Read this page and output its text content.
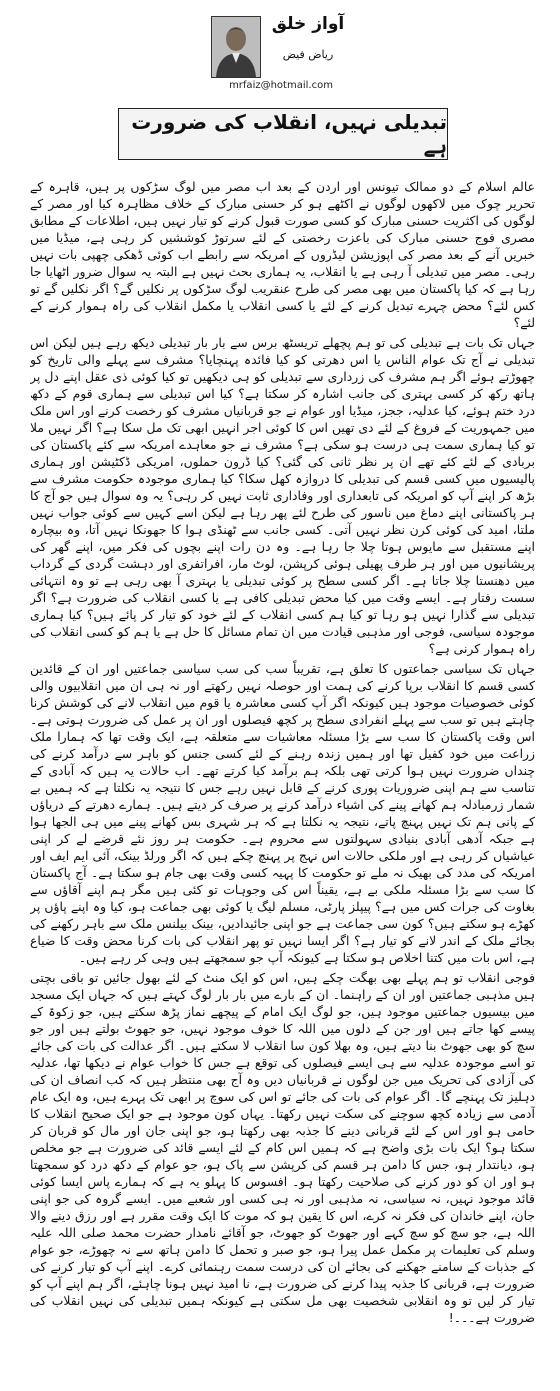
آواز خلق
ریاض فیض
mrfaiz@hotmail.com
تبدیلی نہیں، انقلاب کی ضرورت ہے

عالم اسلام کے دو ممالک تیونس اور اردن کے بعد اب مصر میں لوگ سڑکوں پر ہیں، قاہرہ کے تحریر چوک میں لاکھوں لوگوں نے اکٹھے ہو کر حسنی مبارک کے خلاف مظاہرہ کیا اور مصر کے لوگوں کی اکثریت حسنی مبارک کو کسی صورت قبول کرنے کو تیار نہیں ہیں، اطلاعات کے مطابق مصری فوج حسنی مبارک کی باعزت رخصتی کے لئے سرتوڑ کوششیں کر رہی ہے، میڈیا میں خبریں آنے کے بعد مصر کی اپوزیشن لیڈروں کے امریکہ سے رابطے اب کوئی ڈھکی چھپی بات نہیں رہی۔ مصر میں تبدیلی آ رہی ہے یا انقلاب، یہ ہماری بحث نہیں ہے البتہ یہ سوال ضرور اٹھایا جا رہا ہے کہ کیا پاکستان میں بھی مصر کی طرح عنقریب لوگ سڑکوں پر نکلیں گے؟ اگر نکلیں گے تو کس لئے؟ محض چہرے تبدیل کرنے کے لئے یا کسی انقلاب یا مکمل انقلاب کی راہ ہموار کرنے کے لئے؟

جہاں تک بات ہے تبدیلی کی تو ہم پچھلے تریسٹھ برس سے بار بار تبدیلی دیکھ رہے ہیں لیکن اس تبدیلی نے آج تک عوام الناس یا اس دھرتی کو کیا فائدہ پہنچایا؟ مشرف سے پہلے والی تاریخ کو چھوڑتے ہوئے اگر ہم مشرف کی زرداری سے تبدیلی کو ہی دیکھیں تو کیا کوئی ذی عقل اپنے دل پر ہاتھ رکھ کر کسی بہتری کی جانب اشارہ کر سکتا ہے؟ کیا اس تبدیلی سے ہماری قوم کے دکھ درد ختم ہوئے، کیا عدلیہ، ججز، میڈیا اور عوام نے جو قربانیاں مشرف کو رخصت کرنے اور اس ملک میں جمہوریت کے فروغ کے لئے دی تھیں اس کا کوئی اجر انہیں ابھی تک مل سکا ہے؟ اگر نہیں ملا تو کیا ہماری سمت ہی درست ہو سکی ہے؟ مشرف نے جو معاہدے امریکہ سے کئے پاکستان کی بربادی کے لئے کئے تھے ان پر نظر ثانی کی گئی؟ کیا ڈرون حملوں، امریکی ڈکٹیشن اور ہماری پالیسیوں میں کسی قسم کی تبدیلی کا دروازہ کھل سکا؟ کیا ہماری موجودہ حکومت مشرف سے بڑھ کر اپنے آپ کو امریکہ کی تابعداری اور وفاداری ثابت نہیں کر رہی؟ یہ وہ سوال ہیں جو آج کا ہر پاکستانی اپنے دماغ میں ناسور کی طرح لئے پھر رہا ہے لیکن اسے کہیں سے کوئی جواب نہیں ملتا، امید کی کوئی کرن نظر نہیں آتی۔ کسی جانب سے ٹھنڈی ہوا کا جھونکا نہیں آتا، وہ بیچارہ اپنے مستقبل سے مایوس ہوتا چلا جا رہا ہے۔ وہ دن رات اپنے بچوں کی فکر میں، اپنے گھر کی پریشانیوں میں اور ہر طرف پھیلی ہوئی کرپشن، لوٹ مار، افراتفری اور دہشت گردی کے گرداب میں دھنستا چلا جاتا ہے۔ اگر کسی سطح پر کوئی تبدیلی یا بہتری آ بھی رہی ہے تو وہ انتہائی سست رفتار ہے۔ ایسے وقت میں کیا محض تبدیلی کافی ہے یا کسی انقلاب کی ضرورت ہے؟ اگر تبدیلی سے گذارا نہیں ہو رہا تو کیا ہم کسی انقلاب کے لئے خود کو تیار کر پائے ہیں؟ کیا ہماری موجودہ سیاسی، فوجی اور مذہبی قیادت میں ان تمام مسائل کا حل ہے یا ہم کو کسی انقلاب کی راہ ہموار کرنی ہے؟

جہاں تک سیاسی جماعتوں کا تعلق ہے، تقریباً سب کی سب سیاسی جماعتیں اور ان کے قائدین کسی قسم کا انقلاب برپا کرنے کی ہمت اور حوصلہ نہیں رکھتے اور نہ ہی ان میں انقلابیوں والی کوئی خصوصیات موجود ہیں کیونکہ اگر آپ کسی معاشرہ یا قوم میں انقلاب لانے کی کوشش کرنا چاہتے ہیں تو سب سے پہلے انفرادی سطح پر کچھ فیصلوں اور ان پر عمل کی ضرورت ہوتی ہے۔ اس وقت پاکستان کا سب سے بڑا مسئلہ معاشیات سے متعلقہ ہے، ایک وقت تھا کہ ہمارا ملک زراعت میں خود کفیل تھا اور ہمیں زندہ رہنے کے لئے کسی جنس کو باہر سے درآمد کرنے کی چنداں ضرورت نہیں ہوا کرتی تھی بلکہ ہم برآمد کیا کرتے تھے۔ اب حالات یہ ہیں کہ آبادی کے تناسب سے ہم اپنی ضروریات پوری کرنے کے قابل نہیں رہے جس کا نتیجہ یہ نکلتا ہے کہ ہمیں بے شمار زرمبادلہ ہم کھانے پینے کی اشیاء درآمد کرنے پر صرف کر دیتے ہیں۔ ہمارے دھرتے کے دریاؤں کے پانی ہم تک نہیں پہنچ پاتے، نتیجہ یہ نکلتا ہے کہ ہر شہری بس کھانے پینے میں ہی الجھا ہوا ہے جبکہ آدھی آبادی بنیادی سہولتوں سے محروم ہے۔ حکومت ہر روز نئے قرضے لے کر اپنی عیاشیاں کر رہی ہے اور ملکی حالات اس نہج پر پہنچ چکے ہیں کہ اگر ورلڈ بینک، آئی ایم ایف اور امریکہ کی مدد کی بھیک نہ ملے تو حکومت کا پہیہ کسی وقت بھی جام ہو سکتا ہے۔ آج پاکستان کا سب سے بڑا مسئلہ ملکی بے ہے، یقیناً اس کی وجوہات تو کئی ہیں مگر ہم اپنے آقاؤں سے بغاوت کی جرات کس میں ہے؟ پیپلز پارٹی، مسلم لیگ یا کوئی بھی جماعت ہو، کیا وہ اپنے پاؤں پر کھڑے ہو سکتے ہیں؟ کون سی جماعت ہے جو اپنی جائیدادیں، بینک بیلنس ملک سے باہر رکھنے کی بجائے ملک کے اندر لانے کو تیار ہے؟ اگر ایسا نہیں تو پھر انقلاب کی بات کرنا محض وقت کا ضیاع ہے، اس بات میں کتنا اخلاص ہو سکتا ہے کیونکہ آپ جو سمجھتے ہیں وہی کر رہے ہیں۔

فوجی انقلاب تو ہم پہلے بھی بھگت چکے ہیں، اس کو ایک منٹ کے لئے بھول جائیں تو باقی بچتی ہیں مذہبی جماعتیں اور ان کے راہنما۔ ان کے بارے میں بار بار لوگ کہتے ہیں کہ جہاں ایک مسجد میں بیسیوں جماعتیں موجود ہیں، جو لوگ ایک امام کے پیچھے نماز پڑھ سکتے ہیں، جو زکوۃ کے پیسے کھا جاتے ہیں اور جن کے دلوں میں اللہ کا خوف موجود نہیں، جو جھوٹ بولتے ہیں اور جو سچ کو بھی جھوٹ بنا دیتے ہیں، وہ بھلا کون سا انقلاب لا سکتے ہیں۔ اگر عدالت کی بات کی جائے تو اسے موجودہ عدلیہ سے ہی ایسے فیصلوں کی توقع ہے جس کا خواب عوام نے دیکھا تھا، عدلیہ کی آزادی کی تحریک میں جن لوگوں نے قربانیاں دیں وہ آج بھی منتظر ہیں کہ کب انصاف ان کی دہلیز تک پہنچے گا۔ اگر عوام کی بات کی جائے تو اس کی سوچ پر ابھی تک پہرے ہیں، وہ ایک عام آدمی سے زیادہ کچھ سوچنے کی سکت نہیں رکھتا۔ یہاں کون موجود ہے جو ایک صحیح انقلاب کا حامی ہو اور اس کے لئے قربانی دینے کا جذبہ بھی رکھتا ہو، جو اپنی جان اور مال کو قربان کر سکتا ہو؟ ایک بات بڑی واضح ہے کہ ہمیں اس کام کے لئے ایسے قائد کی ضرورت ہے جو مخلص ہو، دیانتدار ہو، جس کا دامن ہر قسم کی کرپشن سے پاک ہو، جو عوام کے دکھ درد کو سمجھتا ہو اور ان کو دور کرنے کی صلاحیت رکھتا ہو۔ افسوس کا پہلو یہ ہے کہ ہمارے پاس ایسا کوئی قائد موجود نہیں، نہ سیاسی، نہ مذہبی اور نہ ہی کسی اور شعبے میں۔ ایسے گروہ کی جو اپنی جان، اپنے خاندان کی فکر نہ کرے، اس کا یقین ہو کہ موت کا ایک وقت مقرر ہے اور رزق دینے والا اللہ ہے، جو سچ کو سچ کہے اور جھوٹ کو جھوٹ، جو آقائے نامدار حضرت محمد صلی اللہ علیہ وسلم کی تعلیمات پر مکمل عمل پیرا ہو، جو صبر و تحمل کا دامن ہاتھ سے نہ چھوڑے، جو عوام کے جذبات کے سامنے جھکنے کی بجائے ان کی درست سمت رہنمائی کرے۔ اپنے آپ کو تیار کرنے کی ضرورت ہے، قربانی کا جذبہ پیدا کرنے کی ضرورت ہے، نا امید نہیں ہونا چاہئے، اگر ہم اپنے آپ کو تیار کر لیں تو وہ انقلابی شخصیت بھی مل سکتی ہے کیونکہ ہمیں تبدیلی کی نہیں انقلاب کی ضرورت ہے۔۔۔!
